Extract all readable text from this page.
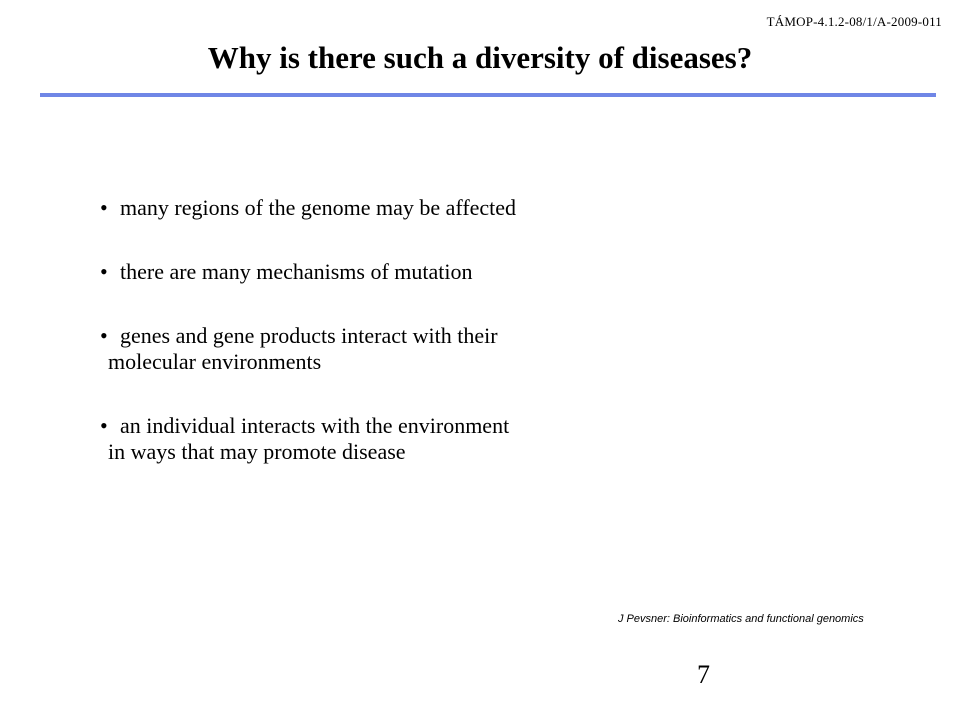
TÁMOP-4.1.2-08/1/A-2009-011
Why is there such a diversity of diseases?
• many regions of the genome may be affected
• there are many mechanisms of mutation
• genes and gene products interact with their
molecular environments
• an individual interacts with the environment
in ways that may promote disease
J Pevsner: Bioinformatics and functional genomics
7
